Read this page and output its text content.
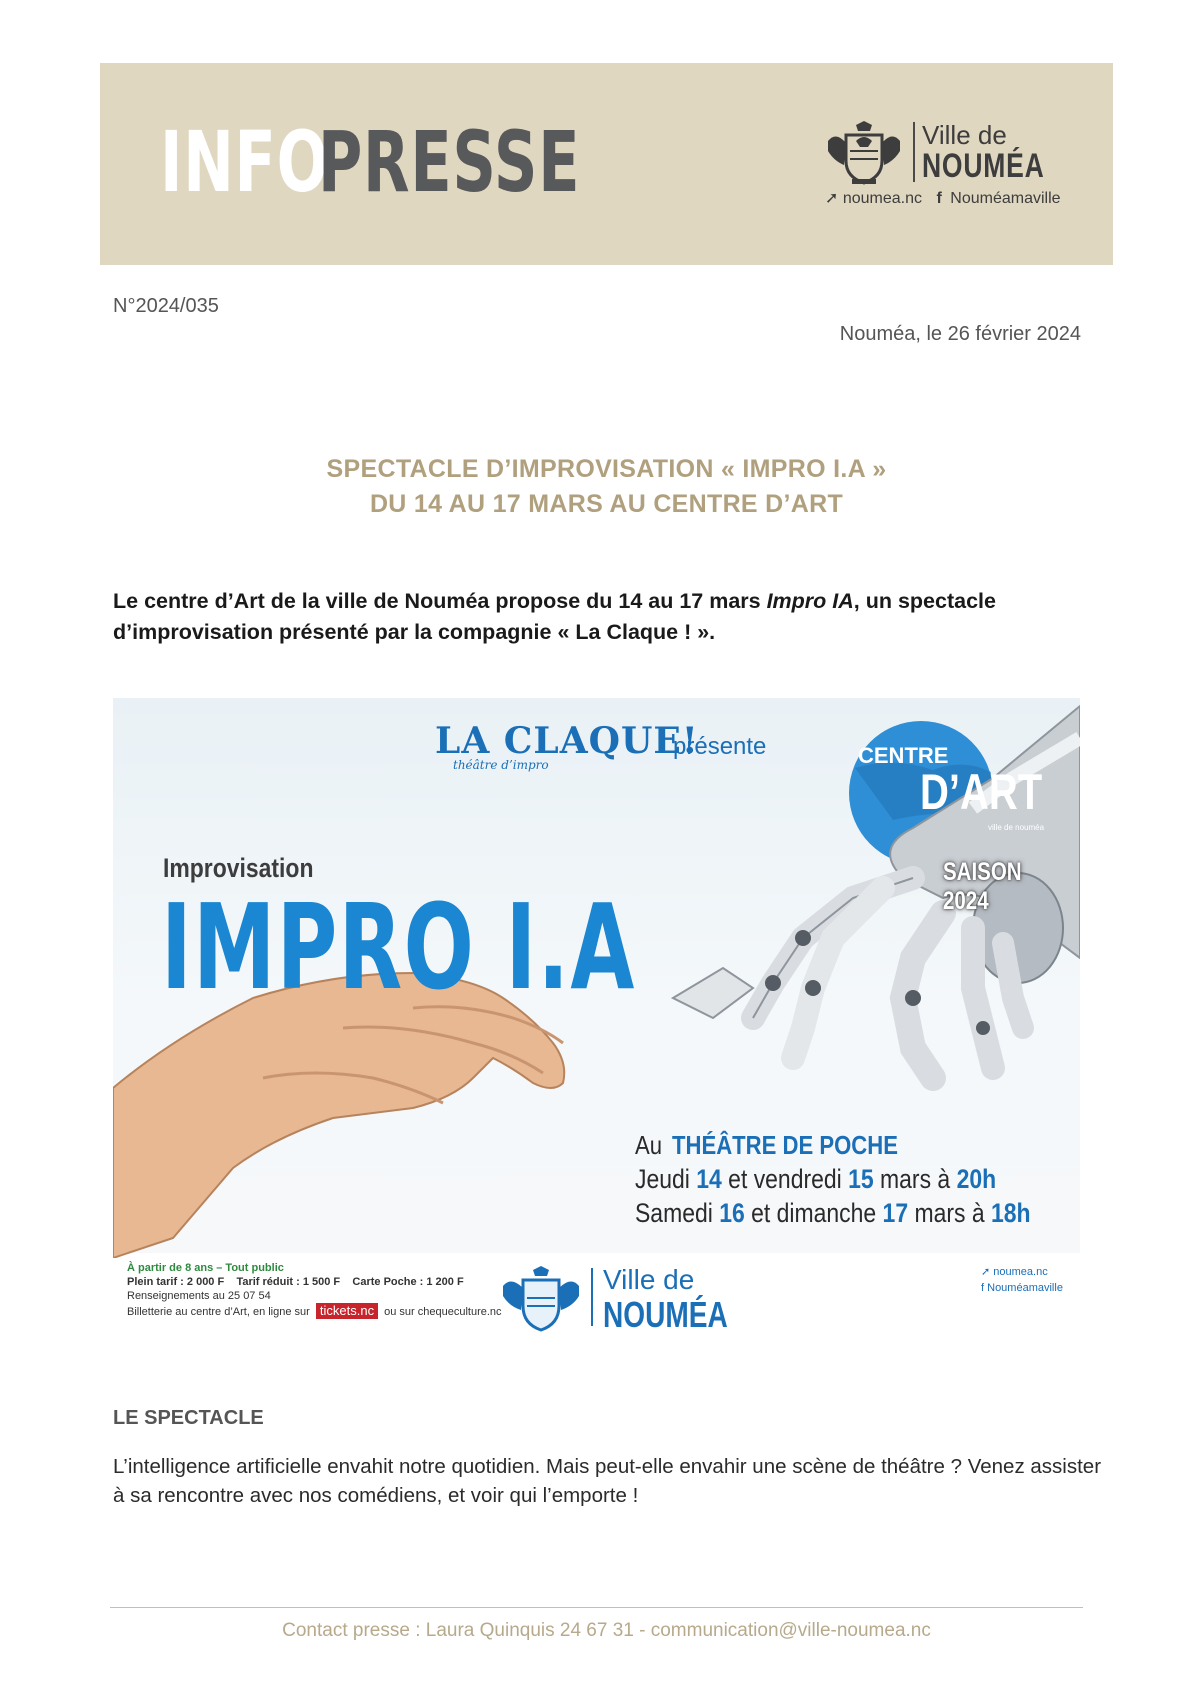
INFO
PRESSE	Ville de
NOUMÉA
➚ noumea.nc f Nouméamaville
N°2024/035
Nouméa, le 26 février 2024
SPECTACLE D’IMPROVISATION « IMPRO I.A »
DU 14 AU 17 MARS AU CENTRE D’ART
Le centre d’Art de la ville de Nouméa propose du 14 au 17 mars Impro IA, un spectacle d’improvisation présenté par la compagnie « La Claque ! ».
LA CLAQUE!
théâtre d’impro
présente
Improvisation
IMPRO I.A
CENTRE
D’ART
ville de nouméa
SAISON 2024
Au THÉÂTRE DE POCHE
Jeudi 14 et vendredi 15 mars à 20h
Samedi 16 et dimanche 17 mars à 18h
À partir de 8 ans – Tout public
Plein tarif : 2 000 F Tarif réduit : 1 500 F Carte Poche : 1 200 F
Renseignements au 25 07 54
Billetterie au centre d’Art, en ligne sur tickets.nc ou sur chequeculture.nc
Ville de
NOUMÉA
➚ noumea.nc
f Nouméamaville
LE SPECTACLE
L’intelligence artificielle envahit notre quotidien. Mais peut-elle envahir une scène de théâtre ? Venez assister à sa rencontre avec nos comédiens, et voir qui l’emporte !
Contact presse : Laura Quinquis 24 67 31 - communication@ville-noumea.nc
